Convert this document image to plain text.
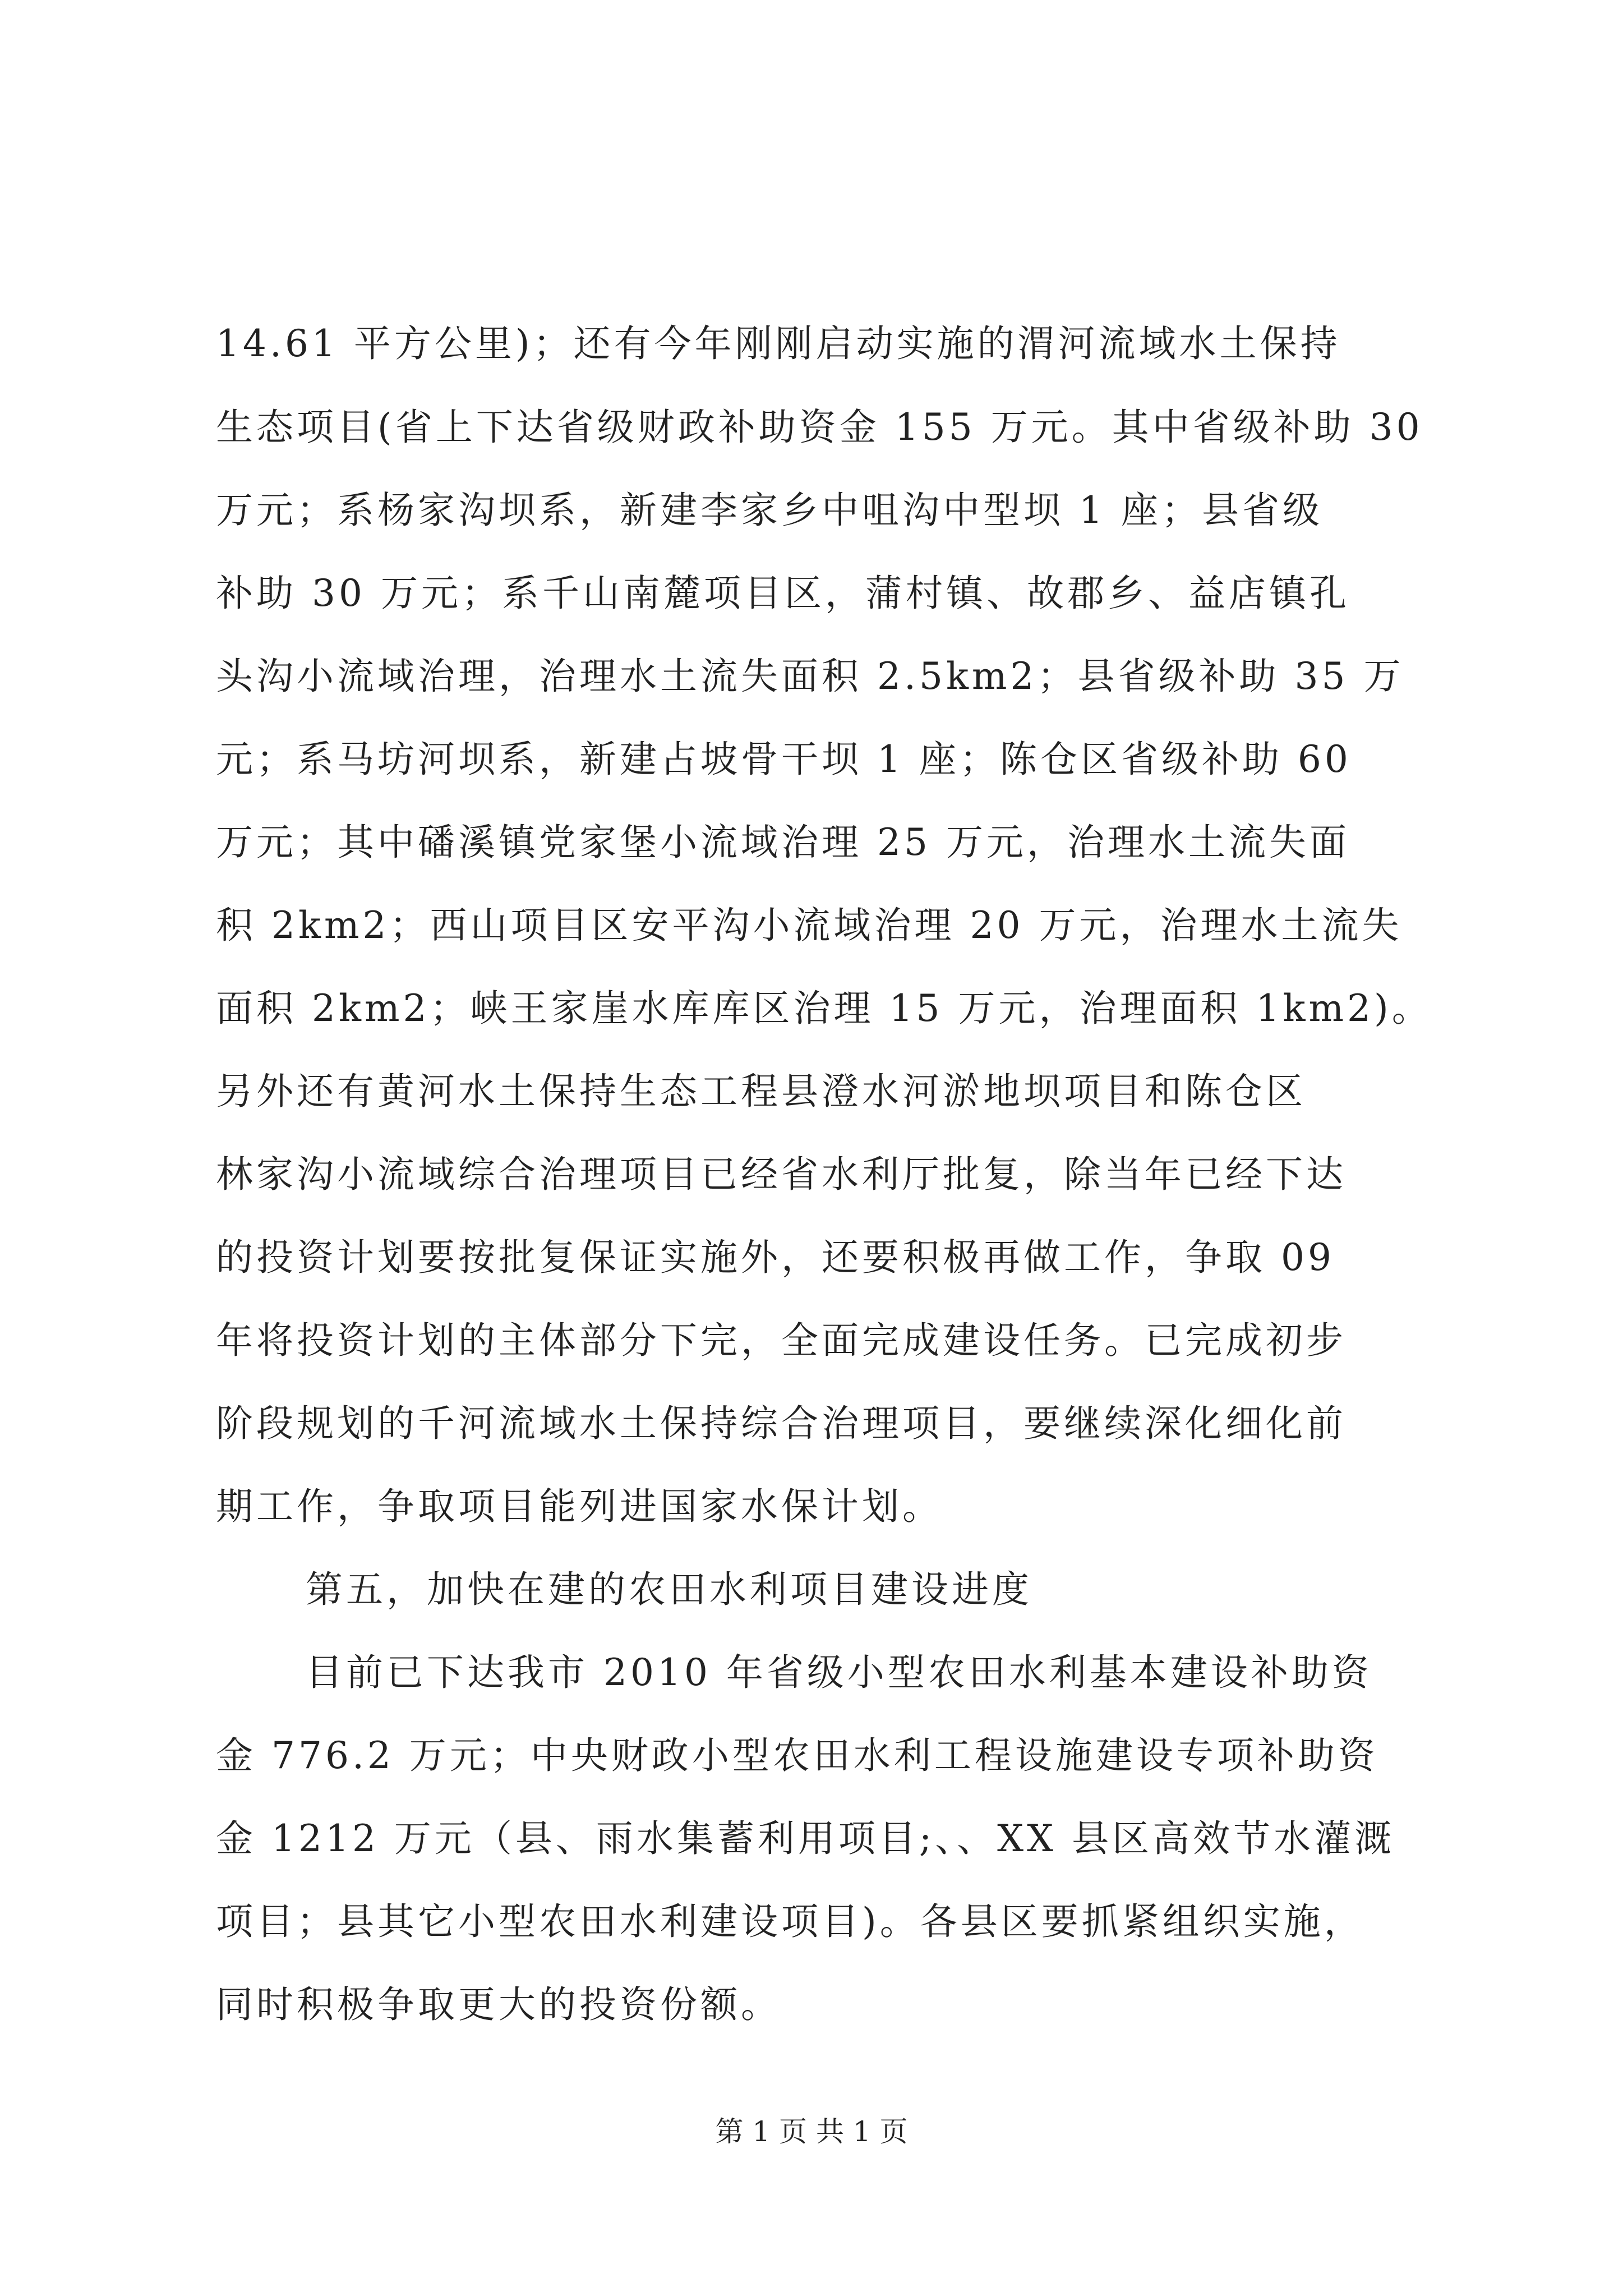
14.61 平方公里)；还有今年刚刚启动实施的渭河流域水土保持
生态项目(省上下达省级财政补助资金 155 万元。其中省级补助 30
万元；系杨家沟坝系，新建李家乡中咀沟中型坝 1 座；县省级
补助 30 万元；系千山南麓项目区，蒲村镇、故郡乡、益店镇孔
头沟小流域治理，治理水土流失面积 2.5km2；县省级补助 35 万
元；系马坊河坝系，新建占坡骨干坝 1 座；陈仓区省级补助 60
万元；其中磻溪镇党家堡小流域治理 25 万元，治理水土流失面
积 2km2；西山项目区安平沟小流域治理 20 万元，治理水土流失
面积 2km2；峡王家崖水库库区治理 15 万元，治理面积 1km2)。
另外还有黄河水土保持生态工程县澄水河淤地坝项目和陈仓区
林家沟小流域综合治理项目已经省水利厅批复，除当年已经下达
的投资计划要按批复保证实施外，还要积极再做工作，争取 09
年将投资计划的主体部分下完，全面完成建设任务。已完成初步
阶段规划的千河流域水土保持综合治理项目，要继续深化细化前
期工作，争取项目能列进国家水保计划。
第五，加快在建的农田水利项目建设进度
目前已下达我市 2010 年省级小型农田水利基本建设补助资
金 776.2 万元；中央财政小型农田水利工程设施建设专项补助资
金 1212 万元（县、雨水集蓄利用项目;、、XX 县区高效节水灌溉
项目；县其它小型农田水利建设项目)。各县区要抓紧组织实施，
同时积极争取更大的投资份额。
第 1 页 共 1 页
